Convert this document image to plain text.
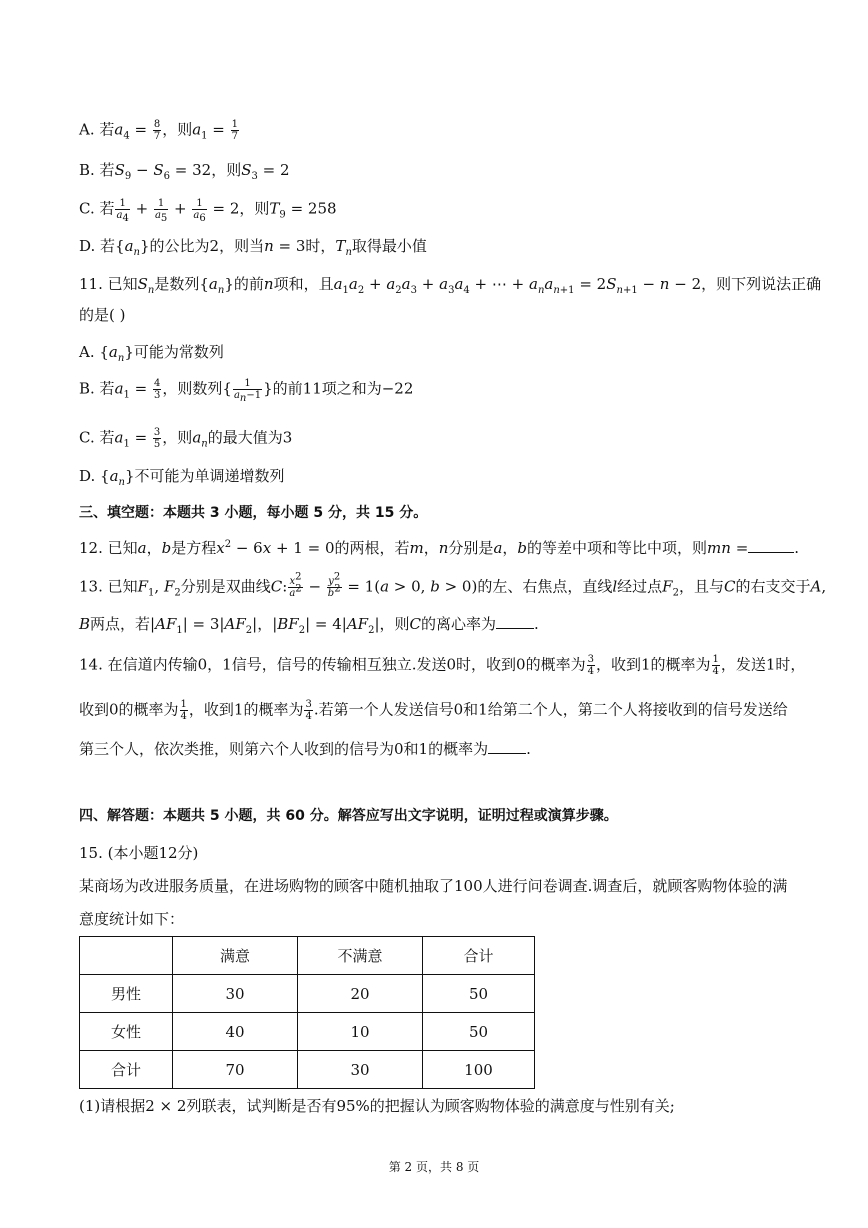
A. 若$a_4 = \frac{8}{7}$ ，则$a_1 = \frac{1}{7}$
B. 若$S_9 - S_6 = 32$，则$S_3 = 2$
C. 若 $\frac{1}{a_4} + \frac{1}{a_5} + \frac{1}{a_6} = 2$，则$T_9 = 258$
D. 若$\{a_n\}$的公比为2，则当n = 3时，$T_n$取得最小值
11. 已知$S_n$是数列$\{a_n\}$的前n项和，且$a_1a_2 + a_2a_3 + a_3a_4$ + ⋯ + $a_na_{n+1} = 2S_{n+1} - n - 2$，则下列说法正确
的是( )
A. $\{a_n\}$可能为常数列
B. 若$a_1 = \frac{4}{3}$ ，则数列{ $\frac{1}{a_n-1}$ }的前11项之和为−22
C. 若$a_1 = \frac{3}{5}$ ，则$a_n$的最大值为3
D. $\{a_n\}$不可能为单调递增数列
三、填空题：本题共 3 小题，每小题 5 分，共 15 分。
12. 已知a，b是方程$x^2 - 6x + 1 = 0$的两根，若m，n分别是a，b的等差中项和等比中项，则mn =	.
13. 已知$F_1$, $F_2$分别是双曲线C: $\frac{x^2}{a^2} - \frac{y^2}{b^2} = 1(a > 0$, b > 0)的左、右焦点，直线l经过点$F_2$，且与C的右支交于A,
B两点，若$|AF_1| = 3|AF_2|$，$|BF_2| = 4|AF_2|$，则C的离心率为	.
14. 在信道内传输0，1信号，信号的传输相互独立.发送0时，收到0的概率为 $\frac{3}{4}$ ，收到1的概率为 $\frac{1}{4}$ ，发送1时，
收到0的概率为 $\frac{1}{4}$ ，收到1的概率为 $\frac{3}{4}$ .若第一个人发送信号0和1给第二个人，第二个人将接收到的信号发送给
第三个人，依次类推，则第六个人收到的信号为0和1的概率为	.
四、解答题：本题共 5 小题，共 60 分。解答应写出文字说明，证明过程或演算步骤。
15. (本小题12分)
某商场为改进服务质量，在进场购物的顾客中随机抽取了100人进行问卷调查.调查后，就顾客购物体验的满
意度统计如下：
	满意	不满意	合计
男性	30	20	50
女性	40	10	50
合计	70	30	100
(1)请根据2 × 2列联表，试判断是否有95%的把握认为顾客购物体验的满意度与性别有关;
第 2 页，共 8 页
